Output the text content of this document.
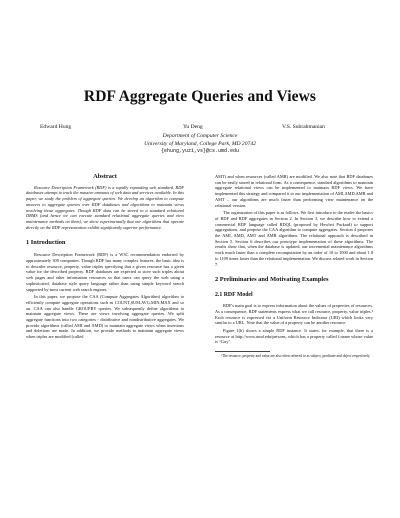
RDF Aggregate Queries and Views
Edward Hung	Yu Deng	V.S. Subrahmanian
Department of Computer Science
University of Maryland, College Park, MD 20742
{ehung,yuzi,vs}@cs.umd.edu
Abstract

Resource Description Framework (RDF) is a rapidly expanding web standard. RDF databases attempt to track the massive amounts of web data and services available. In this paper, we study the problem of aggregate queries. We develop an algorithm to compute answers to aggregate queries over RDF databases and algorithms to maintain views involving those aggregates. Though RDF data can be stored in a standard relational DBMS (and hence we can execute standard relational aggregate queries and view maintenance methods on them), we show experimentally that our algorithms that operate directly on the RDF representation exhibit significantly superior performance.

1 Introduction

Resource Description Framework (RDF) is a W3C recommendation endorsed by approximately 300 companies. Though RDF has many complex features, the basic idea is to describe resource, property, value triples specifying that a given resource has a given value for the described property. RDF databases are expected to store such triples about web pages and other information resources so that users can query the web using a sophisticated, database style query language rather than using simple keyword search supported by most current web search engines.

In this paper, we propose the CAA (Compute Aggregates Algorithm) algorithm to efficiently compute aggregate operations such as COUNT,SUM,AVG,MIN,MAX and so on. CAA can also handle GROUPBY queries. We subsequently define algorithms to maintain aggregate views. These are views involving aggregate queries. We split aggregate functions into two categories - distributive and nondistributive aggregates. We provide algorithms (called AMI and AMD) to maintain aggregate views when insertions and deletions are made. In addition, we provide methods to maintain aggregate views when triples are modified (called

AMT) and when resources (called AMR) are modified. We also note that RDF databases can be easily stored in relational form. As a consequence, standard algorithms to maintain aggregate relational views can be implemented to maintain RDF views. We have implemented this strategy and compared it to our implementation of AMI,AMD,AMR and AMT – our algorithms are much faster than performing view maintenance on the relational version.

The organization of this paper is as follows. We first introduce to the reader the basics of RDF and RDF aggregates in Section 2. In Section 3, we describe how to extend a commercial RDF language called RDQL (proposed by Hewlett Packard) to support aggregations, and propose the CAA algorithm to compute aggregates. Section 4 proposes the AMI, AMD, AMT and AMR algorithms. The relational approach is described in Section 5. Section 6 describes our prototype implementation of these algorithms. The results show that, when the database is updated, our incremental maintenance algorithms work much faster than a complete recomputation by an order of 10 to 1000 and about 1.8 to 1109 times faster than the relational implementation. We discuss related work in Section 7.

2 Preliminaries and Motivating Examples
2.1 RDF Model

RDF's main goal is to express information about the values of properties of resources. As a consequence, RDF statements express what we call resource, property, value triples.¹ Each resource is expressed via a Uniform Resource Indicator (URI) which looks very similar to a URL. Note that the value of a property can be another resource.

Figure 1(b) shows a simple RDF instance. It states, for example, that there is a resource at http://www.umd.edu/persons, which has a property called f.name whose value is “Guy”.

¹The resource, property and value are also often referred to as subject, predicate and object respectively.
